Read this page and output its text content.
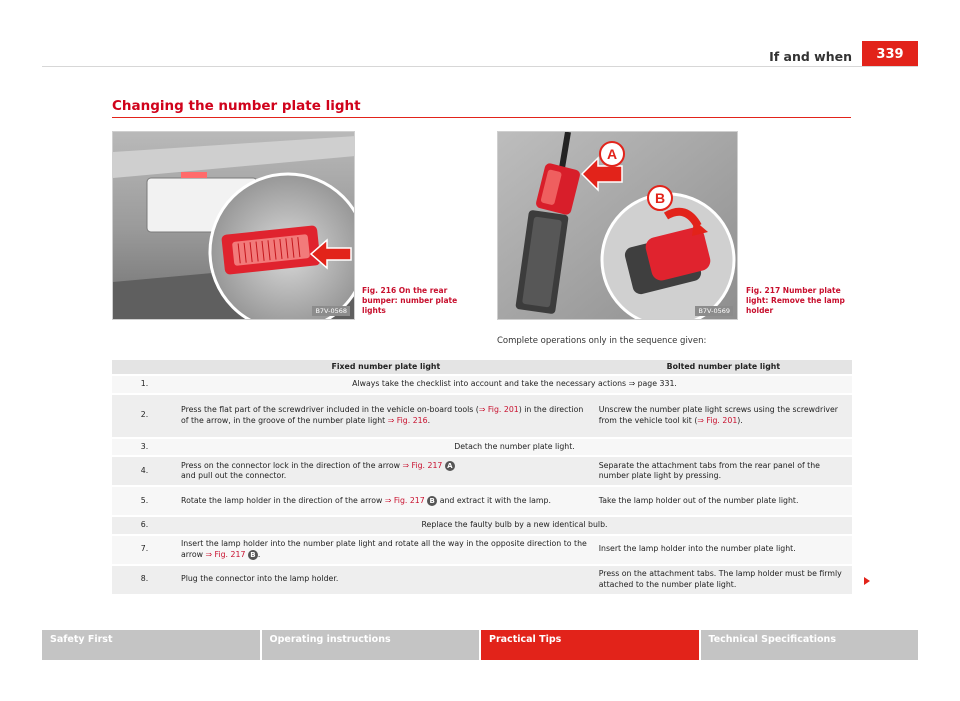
If and when	339
Changing the number plate light
B7V-0568
Fig. 216 On the rear bumper: number plate lights
A
B
B7V-0569
Fig. 217 Number plate light: Remove the lamp holder
Complete operations only in the sequence given:
	Fixed number plate light	Bolted number plate light
1.	Always take the checklist into account and take the necessary actions ⇒ page 331.	
2.	Press the flat part of the screwdriver included in the vehicle on-board tools (⇒ Fig. 201) in the direction of the arrow, in the groove of the number plate light ⇒ Fig. 216.	Unscrew the number plate light screws using the screwdriver from the vehicle tool kit (⇒ Fig. 201).
3.	Detach the number plate light.	
4.	Press on the connector lock in the direction of the arrow ⇒ Fig. 217 A
and pull out the connector.	Separate the attachment tabs from the rear panel of the number plate light by pressing.
5.	Rotate the lamp holder in the direction of the arrow ⇒ Fig. 217 B and extract it with the lamp.	Take the lamp holder out of the number plate light.
6.	Replace the faulty bulb by a new identical bulb.	
7.	Insert the lamp holder into the number plate light and rotate all the way in the opposite direction to the arrow ⇒ Fig. 217 B .	Insert the lamp holder into the number plate light.
8.	Plug the connector into the lamp holder.	Press on the attachment tabs. The lamp holder must be firmly attached to the number plate light.
Safety First	Operating instructions	Practical Tips	Technical Specifications
